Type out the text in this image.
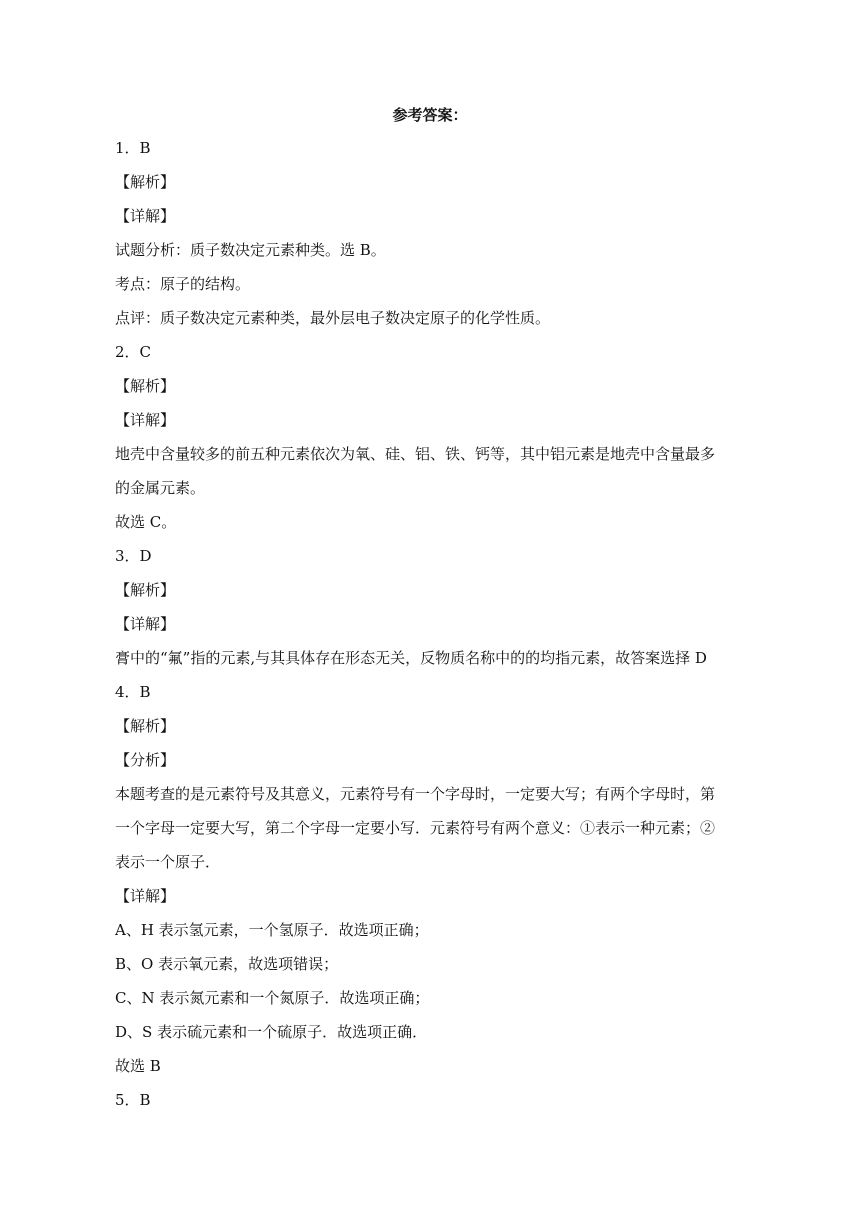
参考答案：
1．B
【解析】
【详解】
试题分析：质子数决定元素种类。选 B。
考点：原子的结构。
点评：质子数决定元素种类，最外层电子数决定原子的化学性质。
2．C
【解析】
【详解】
地壳中含量较多的前五种元素依次为氧、硅、铝、铁、钙等，其中铝元素是地壳中含量最多
的金属元素。
故选 C。
3．D
【解析】
【详解】
膏中的“氟”指的元素,与其具体存在形态无关，反物质名称中的的均指元素，故答案选择 D
4．B
【解析】
【分析】
本题考查的是元素符号及其意义，元素符号有一个字母时，一定要大写；有两个字母时，第
一个字母一定要大写，第二个字母一定要小写．元素符号有两个意义：①表示一种元素；②
表示一个原子．
【详解】
A、H 表示氢元素，一个氢原子．故选项正确；
B、O 表示氧元素，故选项错误；
C、N 表示氮元素和一个氮原子．故选项正确；
D、S 表示硫元素和一个硫原子．故选项正确．
故选 B
5．B
